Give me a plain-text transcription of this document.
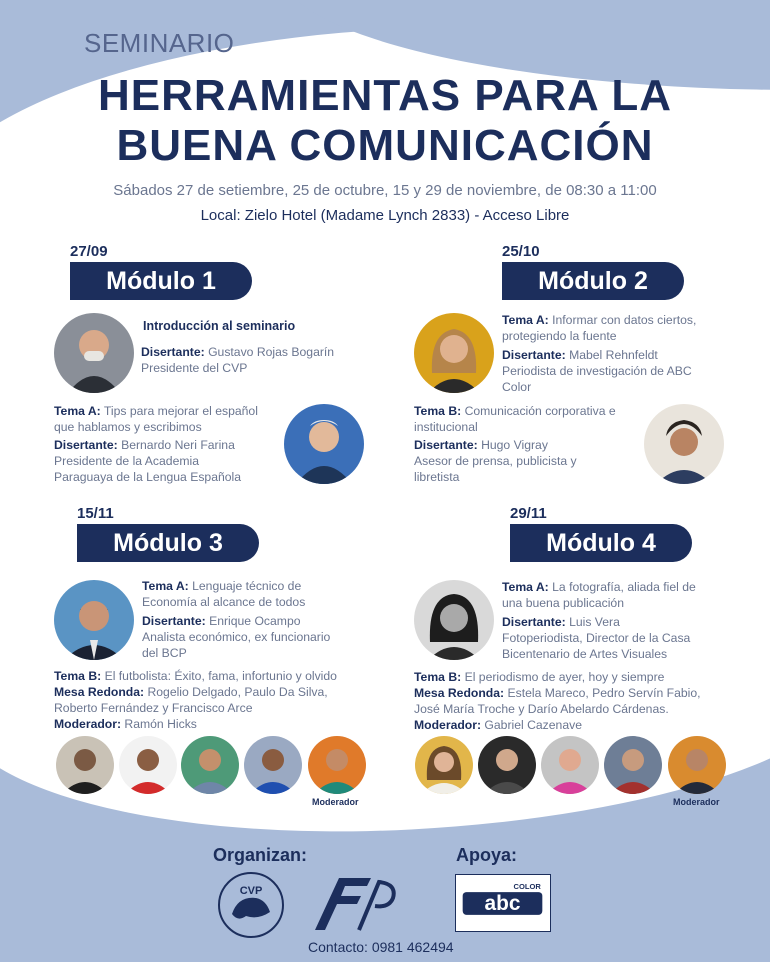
SEMINARIO
HERRAMIENTAS PARA LA
BUENA COMUNICACIÓN
Sábados 27 de setiembre, 25 de octubre, 15 y 29 de noviembre, de 08:30 a 11:00
Local: Zielo Hotel (Madame Lynch 2833) - Acceso Libre
27/09
Módulo 1
Introducción al seminario
Disertante: Gustavo Rojas Bogarín
Presidente del CVP
Tema A: Tips para mejorar el español
que hablamos y escribimos
Disertante: Bernardo Neri Farina
Presidente de la Academia
Paraguaya de la Lengua Española
25/10
Módulo 2
Tema A: Informar con datos ciertos,
protegiendo la fuente
Disertante: Mabel Rehnfeldt
Periodista de investigación de ABC
Color
Tema B: Comunicación corporativa e
institucional
Disertante: Hugo Vigray
Asesor de prensa, publicista y
libretista
15/11
Módulo 3
Tema A: Lenguaje técnico de
Economía al alcance de todos
Disertante: Enrique Ocampo
Analista económico, ex funcionario
del BCP
Tema B: El futbolista: Éxito, fama, infortunio y olvido
Mesa Redonda: Rogelio Delgado, Paulo Da Silva,
Roberto Fernández y Francisco Arce
Moderador: Ramón Hicks
Moderador
29/11
Módulo 4
Tema A: La fotografía, aliada fiel de
una buena publicación
Disertante: Luis Vera
Fotoperiodista, Director de la Casa
Bicentenario de Artes Visuales
Tema B: El periodismo de ayer, hoy y siempre
Mesa Redonda: Estela Mareco, Pedro Servín Fabio,
José María Troche y Darío Abelardo Cárdenas.
Moderador: Gabriel Cazenave
Moderador
Organizan:	Apoya:
CVP
abc
COLOR
Contacto: 0981 462494
